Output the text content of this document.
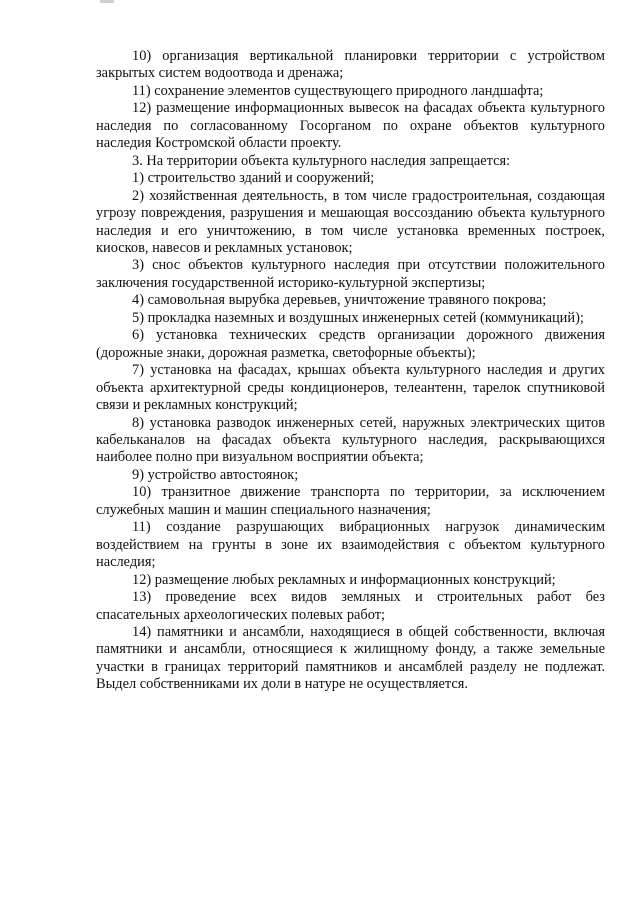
10) организация вертикальной планировки территории с устройством закрытых систем водоотвода и дренажа;

11) сохранение элементов существующего природного ландшафта;

12) размещение информационных вывесок на фасадах объекта культурного наследия по согласованному Госорганом по охране объектов культурного наследия Костромской области проекту.

3. На территории объекта культурного наследия запрещается:

1) строительство зданий и сооружений;

2) хозяйственная деятельность, в том числе градостроительная, создающая угрозу повреждения, разрушения и мешающая воссозданию объекта культурного наследия и его уничтожению, в том числе установка временных построек, киосков, навесов и рекламных установок;

3) снос объектов культурного наследия при отсутствии положительного заключения государственной историко-культурной экспертизы;

4) самовольная вырубка деревьев, уничтожение травяного покрова;

5) прокладка наземных и воздушных инженерных сетей (коммуникаций);

6) установка технических средств организации дорожного движения (дорожные знаки, дорожная разметка, светофорные объекты);

7) установка на фасадах, крышах объекта культурного наследия и других объекта архитектурной среды кондиционеров, телеантенн, тарелок спутниковой связи и рекламных конструкций;

8) установка разводок инженерных сетей, наружных электрических щитов кабельканалов на фасадах объекта культурного наследия, раскрывающихся наиболее полно при визуальном восприятии объекта;

9) устройство автостоянок;

10) транзитное движение транспорта по территории, за исключением служебных машин и машин специального назначения;

11) создание разрушающих вибрационных нагрузок динамическим воздействием на грунты в зоне их взаимодействия с объектом культурного наследия;

12) размещение любых рекламных и информационных конструкций;

13) проведение всех видов земляных и строительных работ без спасательных археологических полевых работ;

14) памятники и ансамбли, находящиеся в общей собственности, включая памятники и ансамбли, относящиеся к жилищному фонду, а также земельные участки в границах территорий памятников и ансамблей разделу не подлежат. Выдел собственниками их доли в натуре не осуществляется.
